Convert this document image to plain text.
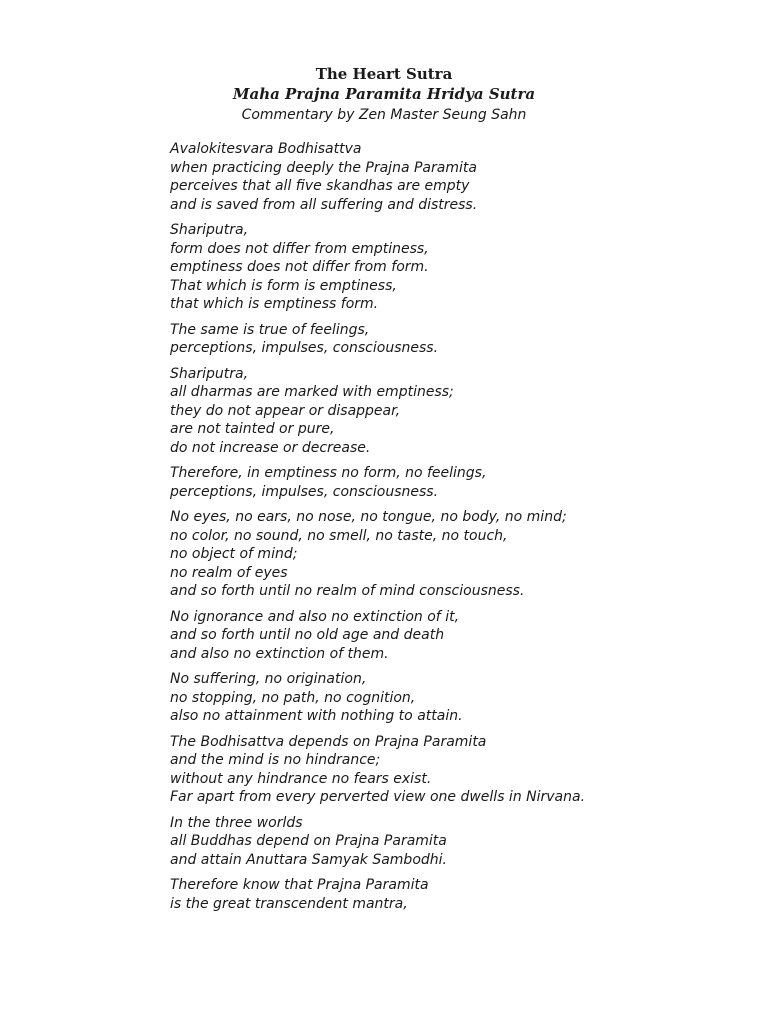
The Heart Sutra
Maha Prajna Paramita Hridya Sutra
Commentary by Zen Master Seung Sahn
Avalokitesvara Bodhisattva
when practicing deeply the Prajna Paramita
perceives that all five skandhas are empty
and is saved from all suffering and distress.
Shariputra,
form does not differ from emptiness,
emptiness does not differ from form.
That which is form is emptiness,
that which is emptiness form.
The same is true of feelings,
perceptions, impulses, consciousness.
Shariputra,
all dharmas are marked with emptiness;
they do not appear or disappear,
are not tainted or pure,
do not increase or decrease.
Therefore, in emptiness no form, no feelings,
perceptions, impulses, consciousness.
No eyes, no ears, no nose, no tongue, no body, no mind;
no color, no sound, no smell, no taste, no touch,
no object of mind;
no realm of eyes
and so forth until no realm of mind consciousness.
No ignorance and also no extinction of it,
and so forth until no old age and death
and also no extinction of them.
No suffering, no origination,
no stopping, no path, no cognition,
also no attainment with nothing to attain.
The Bodhisattva depends on Prajna Paramita
and the mind is no hindrance;
without any hindrance no fears exist.
Far apart from every perverted view one dwells in Nirvana.
In the three worlds
all Buddhas depend on Prajna Paramita
and attain Anuttara Samyak Sambodhi.
Therefore know that Prajna Paramita
is the great transcendent mantra,
